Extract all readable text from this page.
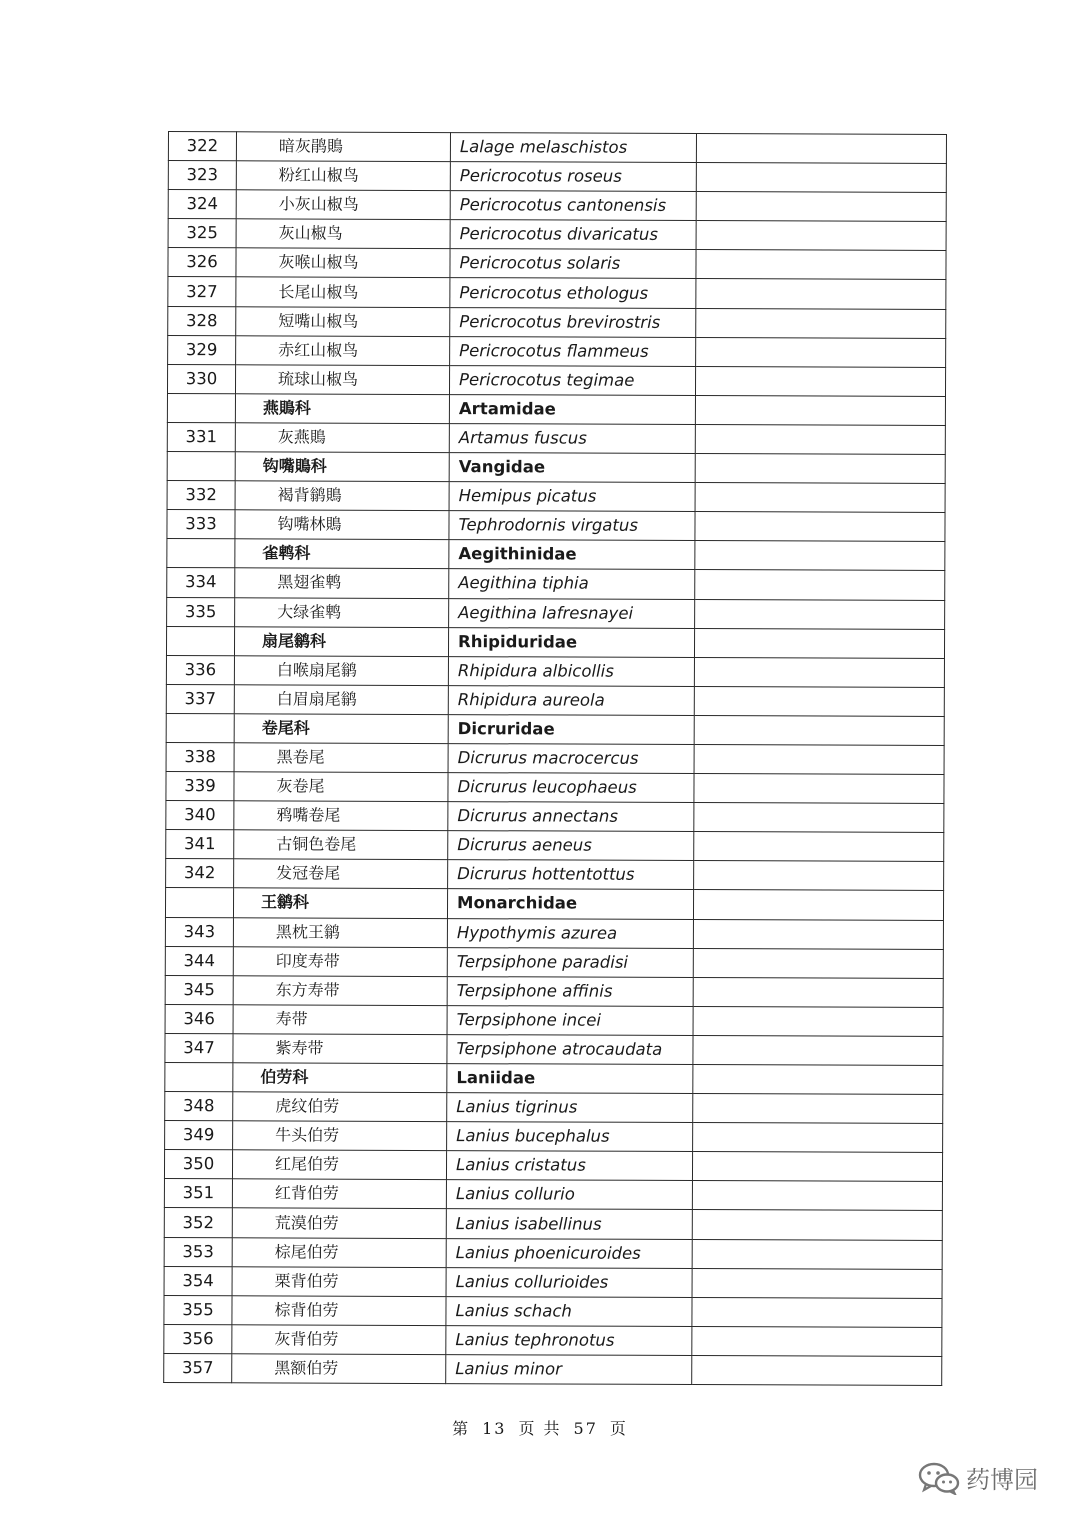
322	暗灰鹃鵙	Lalage melaschistos	
323	粉红山椒鸟	Pericrocotus roseus	
324	小灰山椒鸟	Pericrocotus cantonensis	
325	灰山椒鸟	Pericrocotus divaricatus	
326	灰喉山椒鸟	Pericrocotus solaris	
327	长尾山椒鸟	Pericrocotus ethologus	
328	短嘴山椒鸟	Pericrocotus brevirostris	
329	赤红山椒鸟	Pericrocotus flammeus	
330	琉球山椒鸟	Pericrocotus tegimae	
	燕鵙科	Artamidae	
331	灰燕鵙	Artamus fuscus	
	钩嘴鵙科	Vangidae	
332	褐背鹟鵙	Hemipus picatus	
333	钩嘴林鵙	Tephrodornis virgatus	
	雀鹎科	Aegithinidae	
334	黑翅雀鹎	Aegithina tiphia	
335	大绿雀鹎	Aegithina lafresnayei	
	扇尾鹟科	Rhipiduridae	
336	白喉扇尾鹟	Rhipidura albicollis	
337	白眉扇尾鹟	Rhipidura aureola	
	卷尾科	Dicruridae	
338	黑卷尾	Dicrurus macrocercus	
339	灰卷尾	Dicrurus leucophaeus	
340	鸦嘴卷尾	Dicrurus annectans	
341	古铜色卷尾	Dicrurus aeneus	
342	发冠卷尾	Dicrurus hottentottus	
	王鹟科	Monarchidae	
343	黑枕王鹟	Hypothymis azurea	
344	印度寿带	Terpsiphone paradisi	
345	东方寿带	Terpsiphone affinis	
346	寿带	Terpsiphone incei	
347	紫寿带	Terpsiphone atrocaudata	
	伯劳科	Laniidae	
348	虎纹伯劳	Lanius tigrinus	
349	牛头伯劳	Lanius bucephalus	
350	红尾伯劳	Lanius cristatus	
351	红背伯劳	Lanius collurio	
352	荒漠伯劳	Lanius isabellinus	
353	棕尾伯劳	Lanius phoenicuroides	
354	栗背伯劳	Lanius collurioides	
355	棕背伯劳	Lanius schach	
356	灰背伯劳	Lanius tephronotus	
357	黑额伯劳	Lanius minor	
第 13 页 共 57 页
药博园
